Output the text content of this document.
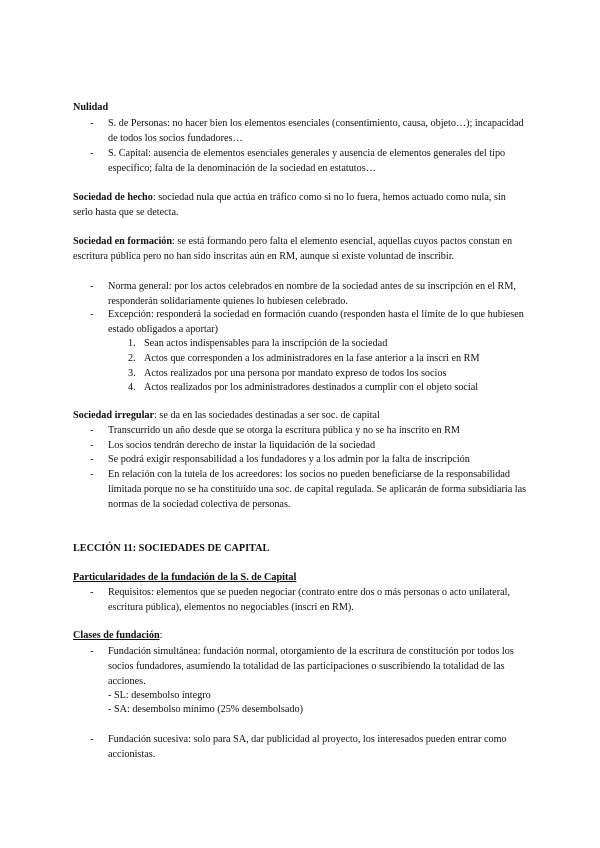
Nulidad
- S. de Personas: no hacer bien los elementos esenciales (consentimiento, causa, objeto…); incapacidad de todos los socios fundadores…
- S. Capital: ausencia de elementos esenciales generales y ausencia de elementos generales del tipo específico; falta de la denominación de la sociedad en estatutos…

Sociedad de hecho: sociedad nula que actúa en tráfico como si no lo fuera, hemos actuado como nula, sin serlo hasta que se detecta.

Sociedad en formación: se está formando pero falta el elemento esencial, aquellas cuyos pactos constan en escritura pública pero no han sido inscritas aún en RM, aunque si existe voluntad de inscribir.

- Norma general: por los actos celebrados en nombre de la sociedad antes de su inscripción en el RM, responderán solidariamente quienes lo hubiesen celebrado.
- Excepción: responderá la sociedad en formación cuando (responden hasta el límite de lo que hubiesen estado obligados a aportar)
1. Sean actos indispensables para la inscripción de la sociedad
2. Actos que corresponden a los administradores en la fase anterior a la inscri en RM
3. Actos realizados por una persona por mandato expreso de todos los socios
4. Actos realizados por los administradores destinados a cumplir con el objeto social

Sociedad irregular: se da en las sociedades destinadas a ser soc. de capital

- Transcurrido un año desde que se otorga la escritura pública y no se ha inscrito en RM
- Los socios tendrán derecho de instar la liquidación de la sociedad
- Se podrá exigir responsabilidad a los fundadores y a los admin por la falta de inscripción
- En relación con la tutela de los acreedores: los socios no pueden beneficiarse de la responsabilidad limitada porque no se ha constituido una soc. de capital regulada. Se aplicarán de forma subsidiaria las normas de la sociedad colectiva de personas.
LECCIÓN 11: SOCIEDADES DE CAPITAL
Particularidades de la fundación de la S. de Capital
- Requisitos: elementos que se pueden negociar (contrato entre dos o más personas o acto unilateral, escritura pública), elementos no negociables (inscri en RM).
Clases de fundación:
- Fundación simultánea: fundación normal, otorgamiento de la escritura de constitución por todos los socios fundadores, asumiendo la totalidad de las participaciones o suscribiendo la totalidad de las acciones.
- SL: desembolso íntegro
- SA: desembolso mínimo (25% desembolsado)
- Fundación sucesiva: solo para SA, dar publicidad al proyecto, los interesados pueden entrar como accionistas.
